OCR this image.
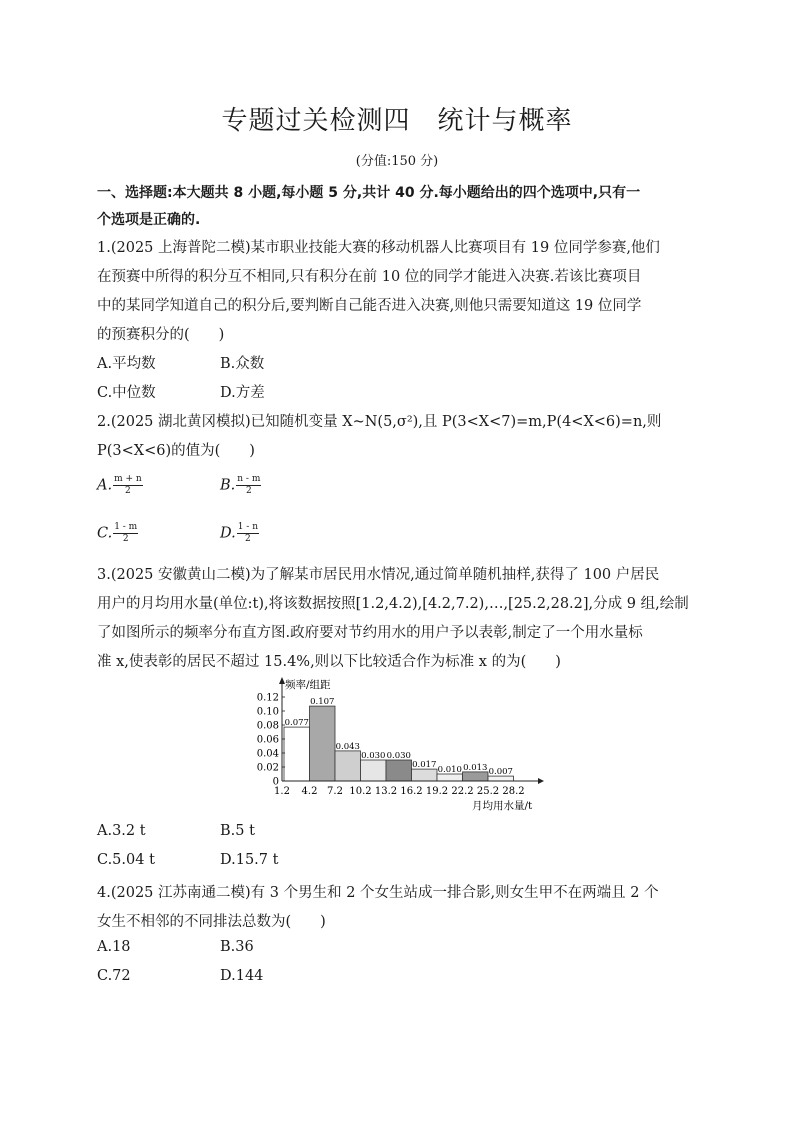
专题过关检测四　统计与概率
(分值:150 分)
一、选择题:本大题共 8 小题,每小题 5 分,共计 40 分.每小题给出的四个选项中,只有一
个选项是正确的.
1.(2025 上海普陀二模)某市职业技能大赛的移动机器人比赛项目有 19 位同学参赛,他们
在预赛中所得的积分互不相同,只有积分在前 10 位的同学才能进入决赛.若该比赛项目
中的某同学知道自己的积分后,要判断自己能否进入决赛,则他只需要知道这 19 位同学
的预赛积分的(　　)
A.平均数	B.众数
C.中位数	D.方差
2.(2025 湖北黄冈模拟)已知随机变量 X~N(5,σ²),且 P(3<X<7)=m,P(4<X<6)=n,则
P(3<X<6)的值为(　　)
A. $\frac{m + n}{2}$	B. $\frac{n - m}{2}$
C. $\frac{1 - m}{2}$	D. $\frac{1 - n}{2}$
3.(2025 安徽黄山二模)为了解某市居民用水情况,通过简单随机抽样,获得了 100 户居民
用户的月均用水量(单位:t),将该数据按照[1.2,4.2),[4.2,7.2),…,[25.2,28.2],分成 9 组,绘制
了如图所示的频率分布直方图.政府要对节约用水的用户予以表彰,制定了一个用水量标
准 x,使表彰的居民不超过 15.4%,则以下比较适合作为标准 x 的为(　　)
频率/组距
月均用水量/t
0.077
0.107
0.043
0.030 0.030
0.017 0.010 0.013 0.007
0
0.02
0.04
0.06
0.08
0.10
0.12
1.2 4.2 7.2 10.2 13.2 16.2 19.2 22.2 25.2 28.2
A.3.2 t	B.5 t
C.5.04 t	D.15.7 t
4.(2025 江苏南通二模)有 3 个男生和 2 个女生站成一排合影,则女生甲不在两端且 2 个
女生不相邻的不同排法总数为(　　)
A.18	B.36
C.72	D.144
